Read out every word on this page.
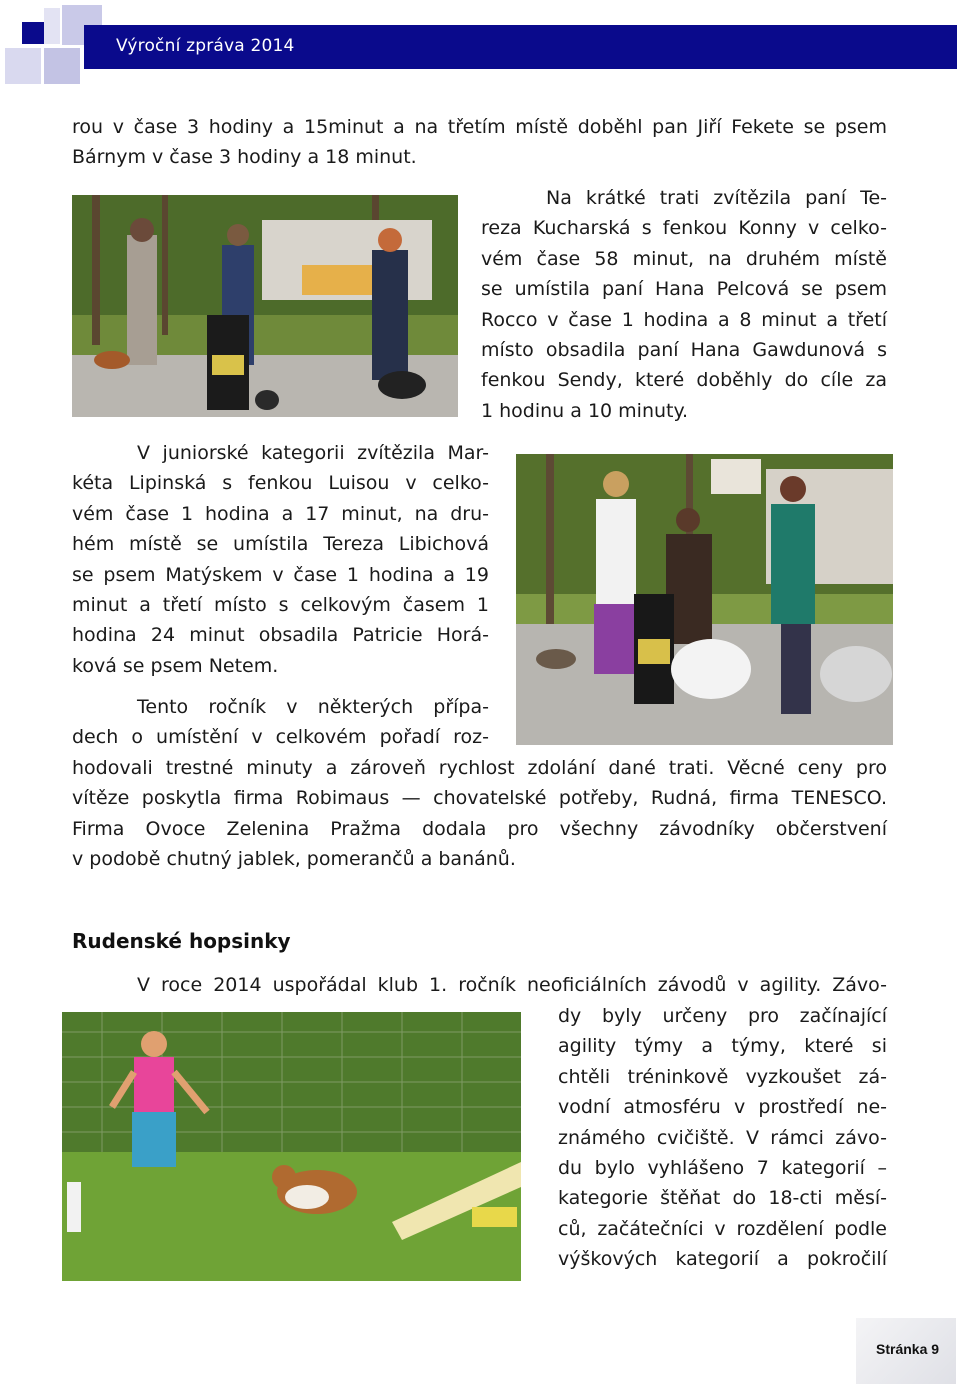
Výroční zpráva 2014
rou v čase 3 hodiny a 15minut a na třetím místě doběhl pan Jiří Fekete se psem
Bárnym v čase 3 hodiny a 18 minut.
Na krátké trati zvítězila paní Te-
reza Kucharská s fenkou Konny v celko-
vém čase 58 minut, na druhém místě
se umístila paní Hana Pelcová se psem
Rocco v čase 1 hodina a 8 minut a třetí
místo obsadila paní Hana Gawdunová s
fenkou Sendy, které doběhly do cíle za
1 hodinu a 10 minuty.
V juniorské kategorii zvítězila Mar-
kéta Lipinská s fenkou Luisou v celko-
vém čase 1 hodina a 17 minut, na dru-
hém místě se umístila Tereza Libichová
se psem Matýskem v čase 1 hodina a 19
minut a třetí místo s celkovým časem 1
hodina 24 minut obsadila Patricie Horá-
ková se psem Netem.
Tento ročník v některých přípa-
dech o umístění v celkovém pořadí roz-
hodovali trestné minuty a zároveň rychlost zdolání dané trati. Věcné ceny pro
vítěze poskytla firma Robimaus — chovatelské potřeby, Rudná, firma TENESCO.
Firma Ovoce Zelenina Pražma dodala pro všechny závodníky občerstvení
v podobě chutný jablek, pomerančů a banánů.
Rudenské hopsinky
V roce 2014 uspořádal klub 1. ročník neoficiálních závodů v agility. Závo-
dy byly určeny pro začínající
agility týmy a týmy, které si
chtěli tréninkově vyzkoušet zá-
vodní atmosféru v prostředí ne-
známého cvičiště. V rámci závo-
du bylo vyhlášeno 7 kategorií –
kategorie štěňat do 18-cti měsí-
ců, začátečníci v rozdělení podle
výškových kategorií a pokročilí
Stránka 9
